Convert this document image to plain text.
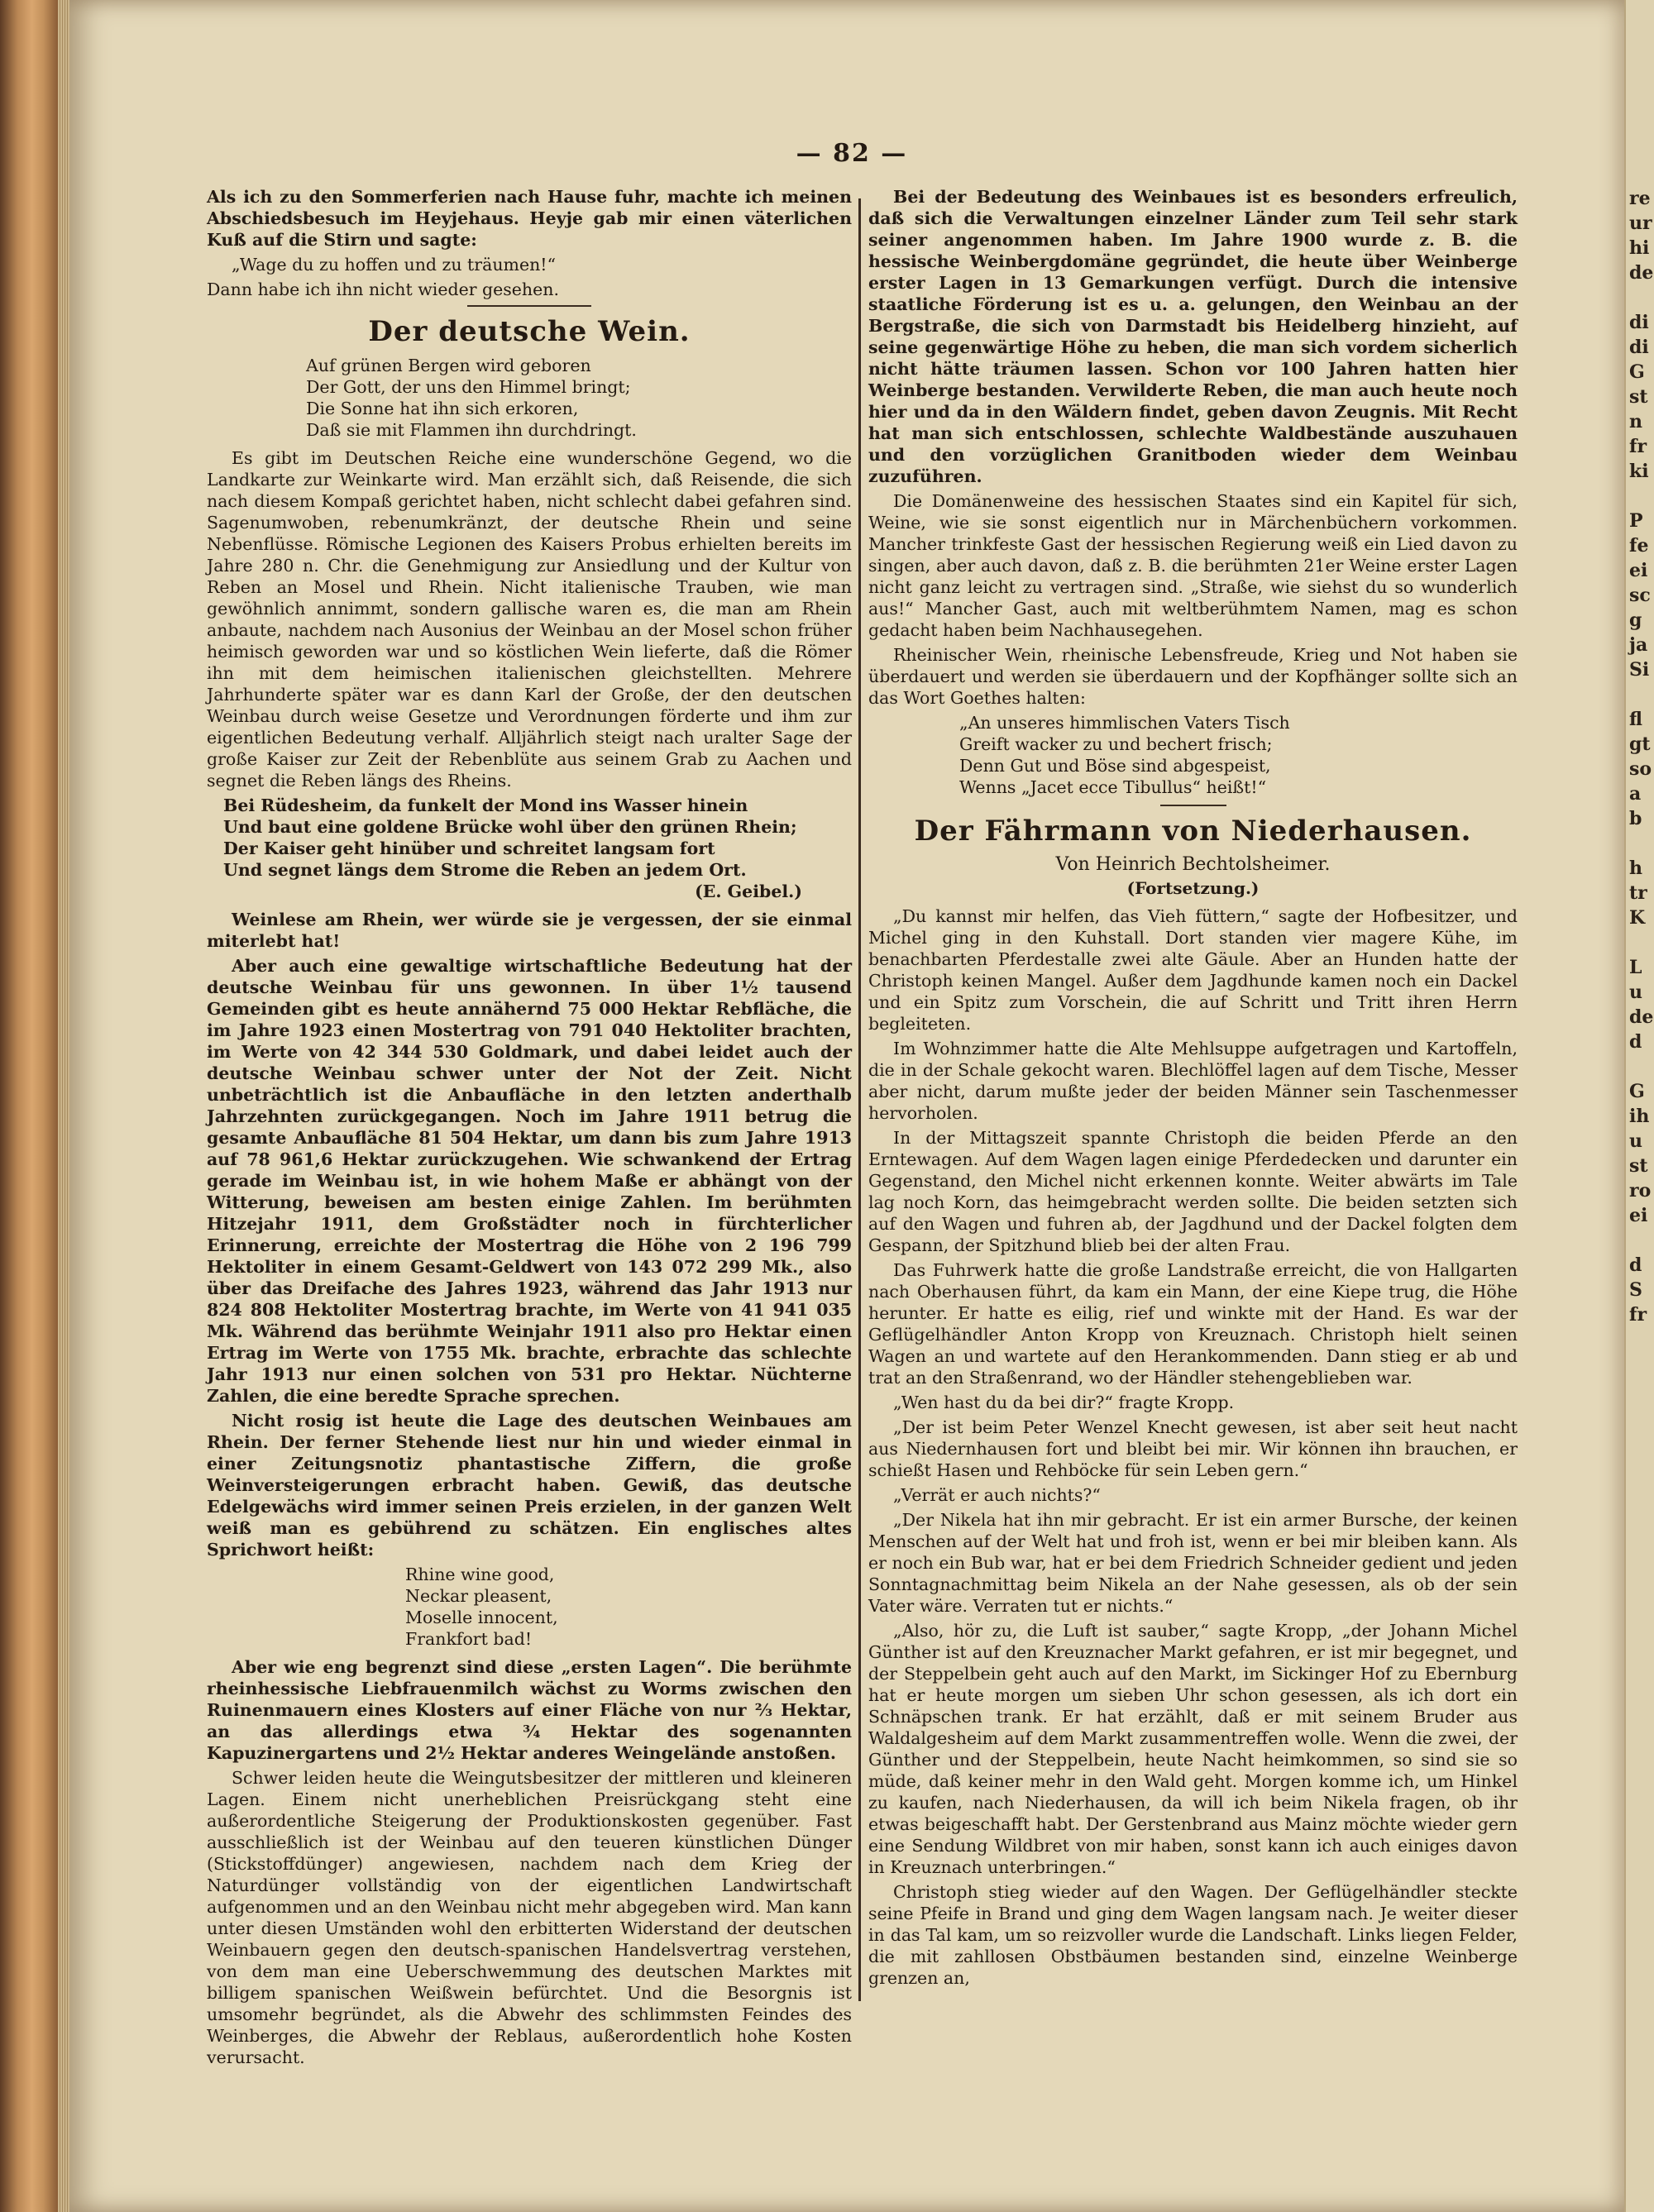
re
ur
hi
de

di
di
G
st
n
fr
ki

P
fe
ei
sc
g
ja
Si

fl
gt
so
a
b

h
tr
K

L
u
de
d

G
ih
u
st
ro
ei

d
S
fr
— 82 —

Als ich zu den Sommerferien nach Hause fuhr, machte ich meinen Abschiedsbesuch im Heyjehaus. Heyje gab mir einen väterlichen Kuß auf die Stirn und sagte:

„Wage du zu hoffen und zu träumen!“

Dann habe ich ihn nicht wieder gesehen.

Der deutsche Wein.
Auf grünen Bergen wird geboren
Der Gott, der uns den Himmel bringt;
Die Sonne hat ihn sich erkoren,
Daß sie mit Flammen ihn durchdringt.

Es gibt im Deutschen Reiche eine wunderschöne Gegend, wo die Landkarte zur Weinkarte wird. Man erzählt sich, daß Reisende, die sich nach diesem Kompaß gerichtet haben, nicht schlecht dabei gefahren sind. Sagenumwoben, rebenumkränzt, der deutsche Rhein und seine Nebenflüsse. Römische Legionen des Kaisers Probus erhielten bereits im Jahre 280 n. Chr. die Genehmigung zur Ansiedlung und der Kultur von Reben an Mosel und Rhein. Nicht italienische Trauben, wie man gewöhnlich annimmt, sondern gallische waren es, die man am Rhein anbaute, nachdem nach Ausonius der Weinbau an der Mosel schon früher heimisch geworden war und so köstlichen Wein lieferte, daß die Römer ihn mit dem heimischen italienischen gleichstellten. Mehrere Jahrhunderte später war es dann Karl der Große, der den deutschen Weinbau durch weise Gesetze und Verordnungen förderte und ihm zur eigentlichen Bedeutung verhalf. Alljährlich steigt nach uralter Sage der große Kaiser zur Zeit der Rebenblüte aus seinem Grab zu Aachen und segnet die Reben längs des Rheins.

Bei Rüdesheim, da funkelt der Mond ins Wasser hinein
Und baut eine goldene Brücke wohl über den grünen Rhein;
Der Kaiser geht hinüber und schreitet langsam fort
Und segnet längs dem Strome die Reben an jedem Ort.
(E. Geibel.)

Weinlese am Rhein, wer würde sie je vergessen, der sie einmal miterlebt hat!

Aber auch eine gewaltige wirtschaftliche Bedeutung hat der deutsche Weinbau für uns gewonnen. In über 1½ tausend Gemeinden gibt es heute annähernd 75 000 Hektar Rebfläche, die im Jahre 1923 einen Mostertrag von 791 040 Hektoliter brachten, im Werte von 42 344 530 Goldmark, und dabei leidet auch der deutsche Weinbau schwer unter der Not der Zeit. Nicht unbeträchtlich ist die Anbaufläche in den letzten anderthalb Jahrzehnten zurückgegangen. Noch im Jahre 1911 betrug die gesamte Anbaufläche 81 504 Hektar, um dann bis zum Jahre 1913 auf 78 961,6 Hektar zurückzugehen. Wie schwankend der Ertrag gerade im Weinbau ist, in wie hohem Maße er abhängt von der Witterung, beweisen am besten einige Zahlen. Im berühmten Hitzejahr 1911, dem Großstädter noch in fürchterlicher Erinnerung, erreichte der Mostertrag die Höhe von 2 196 799 Hektoliter in einem Gesamt-Geldwert von 143 072 299 Mk., also über das Dreifache des Jahres 1923, während das Jahr 1913 nur 824 808 Hektoliter Mostertrag brachte, im Werte von 41 941 035 Mk. Während das berühmte Weinjahr 1911 also pro Hektar einen Ertrag im Werte von 1755 Mk. brachte, erbrachte das schlechte Jahr 1913 nur einen solchen von 531 pro Hektar. Nüchterne Zahlen, die eine beredte Sprache sprechen.

Nicht rosig ist heute die Lage des deutschen Weinbaues am Rhein. Der ferner Stehende liest nur hin und wieder einmal in einer Zeitungsnotiz phantastische Ziffern, die große Weinversteigerungen erbracht haben. Gewiß, das deutsche Edelgewächs wird immer seinen Preis erzielen, in der ganzen Welt weiß man es gebührend zu schätzen. Ein englisches altes Sprichwort heißt:

Rhine wine good,
Neckar pleasent,
Moselle innocent,
Frankfort bad!

Aber wie eng begrenzt sind diese „ersten Lagen“. Die berühmte rheinhessische Liebfrauenmilch wächst zu Worms zwischen den Ruinenmauern eines Klosters auf einer Fläche von nur ⅔ Hektar, an das allerdings etwa ¾ Hektar des sogenannten Kapuzinergartens und 2½ Hektar anderes Weingelände anstoßen.

Schwer leiden heute die Weingutsbesitzer der mittleren und kleineren Lagen. Einem nicht unerheblichen Preisrückgang steht eine außerordentliche Steigerung der Produktionskosten gegenüber. Fast ausschließlich ist der Weinbau auf den teueren künstlichen Dünger (Stickstoffdünger) angewiesen, nachdem nach dem Krieg der Naturdünger vollständig von der eigentlichen Landwirtschaft aufgenommen und an den Weinbau nicht mehr abgegeben wird. Man kann unter diesen Umständen wohl den erbitterten Widerstand der deutschen Weinbauern gegen den deutsch-spanischen Handelsvertrag verstehen, von dem man eine Ueberschwemmung des deutschen Marktes mit billigem spanischen Weißwein befürchtet. Und die Besorgnis ist umsomehr begründet, als die Abwehr des schlimmsten Feindes des Weinberges, die Abwehr der Reblaus, außerordentlich hohe Kosten verursacht.

Bei der Bedeutung des Weinbaues ist es besonders erfreulich, daß sich die Verwaltungen einzelner Länder zum Teil sehr stark seiner angenommen haben. Im Jahre 1900 wurde z. B. die hessische Weinbergdomäne gegründet, die heute über Weinberge erster Lagen in 13 Gemarkungen verfügt. Durch die intensive staatliche Förderung ist es u. a. gelungen, den Weinbau an der Bergstraße, die sich von Darmstadt bis Heidelberg hinzieht, auf seine gegenwärtige Höhe zu heben, die man sich vordem sicherlich nicht hätte träumen lassen. Schon vor 100 Jahren hatten hier Weinberge bestanden. Verwilderte Reben, die man auch heute noch hier und da in den Wäldern findet, geben davon Zeugnis. Mit Recht hat man sich entschlossen, schlechte Waldbestände auszuhauen und den vorzüglichen Granitboden wieder dem Weinbau zuzuführen.

Die Domänenweine des hessischen Staates sind ein Kapitel für sich, Weine, wie sie sonst eigentlich nur in Märchenbüchern vorkommen. Mancher trinkfeste Gast der hessischen Regierung weiß ein Lied davon zu singen, aber auch davon, daß z. B. die berühmten 21er Weine erster Lagen nicht ganz leicht zu vertragen sind. „Straße, wie siehst du so wunderlich aus!“ Mancher Gast, auch mit weltberühmtem Namen, mag es schon gedacht haben beim Nachhausegehen.

Rheinischer Wein, rheinische Lebensfreude, Krieg und Not haben sie überdauert und werden sie überdauern und der Kopfhänger sollte sich an das Wort Goethes halten:

„An unseres himmlischen Vaters Tisch
Greift wacker zu und bechert frisch;
Denn Gut und Böse sind abgespeist,
Wenns „Jacet ecce Tibullus“ heißt!“
Der Fährmann von Niederhausen.
Von Heinrich Bechtolsheimer.
(Fortsetzung.)

„Du kannst mir helfen, das Vieh füttern,“ sagte der Hofbesitzer, und Michel ging in den Kuhstall. Dort standen vier magere Kühe, im benachbarten Pferdestalle zwei alte Gäule. Aber an Hunden hatte der Christoph keinen Mangel. Außer dem Jagdhunde kamen noch ein Dackel und ein Spitz zum Vorschein, die auf Schritt und Tritt ihren Herrn begleiteten.

Im Wohnzimmer hatte die Alte Mehlsuppe aufgetragen und Kartoffeln, die in der Schale gekocht waren. Blechlöffel lagen auf dem Tische, Messer aber nicht, darum mußte jeder der beiden Männer sein Taschenmesser hervorholen.

In der Mittagszeit spannte Christoph die beiden Pferde an den Erntewagen. Auf dem Wagen lagen einige Pferdedecken und darunter ein Gegenstand, den Michel nicht erkennen konnte. Weiter abwärts im Tale lag noch Korn, das heimgebracht werden sollte. Die beiden setzten sich auf den Wagen und fuhren ab, der Jagdhund und der Dackel folgten dem Gespann, der Spitzhund blieb bei der alten Frau.

Das Fuhrwerk hatte die große Landstraße erreicht, die von Hallgarten nach Oberhausen führt, da kam ein Mann, der eine Kiepe trug, die Höhe herunter. Er hatte es eilig, rief und winkte mit der Hand. Es war der Geflügelhändler Anton Kropp von Kreuznach. Christoph hielt seinen Wagen an und wartete auf den Herankommenden. Dann stieg er ab und trat an den Straßenrand, wo der Händler stehengeblieben war.

„Wen hast du da bei dir?“ fragte Kropp.

„Der ist beim Peter Wenzel Knecht gewesen, ist aber seit heut nacht aus Niedernhausen fort und bleibt bei mir. Wir können ihn brauchen, er schießt Hasen und Rehböcke für sein Leben gern.“

„Verrät er auch nichts?“

„Der Nikela hat ihn mir gebracht. Er ist ein armer Bursche, der keinen Menschen auf der Welt hat und froh ist, wenn er bei mir bleiben kann. Als er noch ein Bub war, hat er bei dem Friedrich Schneider gedient und jeden Sonntagnachmittag beim Nikela an der Nahe gesessen, als ob der sein Vater wäre. Verraten tut er nichts.“

„Also, hör zu, die Luft ist sauber,“ sagte Kropp, „der Johann Michel Günther ist auf den Kreuznacher Markt gefahren, er ist mir begegnet, und der Steppelbein geht auch auf den Markt, im Sickinger Hof zu Ebernburg hat er heute morgen um sieben Uhr schon gesessen, als ich dort ein Schnäpschen trank. Er hat erzählt, daß er mit seinem Bruder aus Waldalgesheim auf dem Markt zusammentreffen wolle. Wenn die zwei, der Günther und der Steppelbein, heute Nacht heimkommen, so sind sie so müde, daß keiner mehr in den Wald geht. Morgen komme ich, um Hinkel zu kaufen, nach Niederhausen, da will ich beim Nikela fragen, ob ihr etwas beigeschafft habt. Der Gerstenbrand aus Mainz möchte wieder gern eine Sendung Wildbret von mir haben, sonst kann ich auch einiges davon in Kreuznach unterbringen.“

Christoph stieg wieder auf den Wagen. Der Geflügelhändler steckte seine Pfeife in Brand und ging dem Wagen langsam nach. Je weiter dieser in das Tal kam, um so reizvoller wurde die Landschaft. Links liegen Felder, die mit zahllosen Obstbäumen bestanden sind, einzelne Weinberge grenzen an,
